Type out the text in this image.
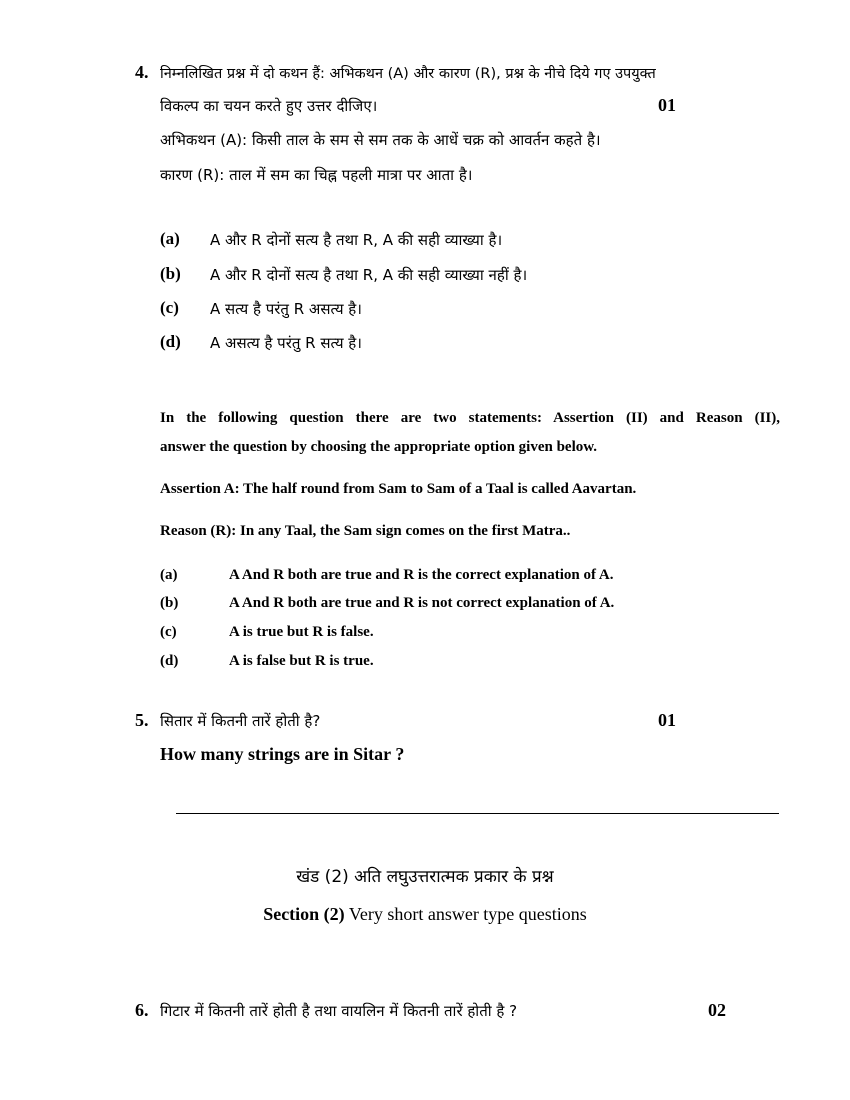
4. निम्नलिखित प्रश्न में दो कथन हैं: अभिकथन (A) और कारण (R), प्रश्न के नीचे दिये गए उपयुक्त
विकल्प का चयन करते हुए उत्तर दीजिए।	01
अभिकथन (A): किसी ताल के सम से सम तक के आधें चक्र को आवर्तन कहते है।
कारण (R): ताल में सम का चिह्न पहली मात्रा पर आता है।
(a) A और R दोनों सत्य है तथा R, A की सही व्याख्या है।
(b) A और R दोनों सत्य है तथा R, A की सही व्याख्या नहीं है।
(c) A सत्य है परंतु R असत्य है।
(d) A असत्य है परंतु R सत्य है।
In the following question there are two statements: Assertion (II) and Reason (II),
answer the question by choosing the appropriate option given below.
Assertion A: The half round from Sam to Sam of a Taal is called Aavartan.
Reason (R): In any Taal, the Sam sign comes on the first Matra..
(a)	A And R both are true and R is the correct explanation of A.
(b)	A And R both are true and R is not correct explanation of A.
(c)	A is true but R is false.
(d)	A is false but R is true.
5. सितार में कितनी तारें होती है?	01
How many strings are in Sitar ?
खंड (2) अति लघुउत्तरात्मक प्रकार के प्रश्न
Section (2) Very short answer type questions
6. गिटार में कितनी तारें होती है तथा वायलिन में कितनी तारें होती है ?	02
